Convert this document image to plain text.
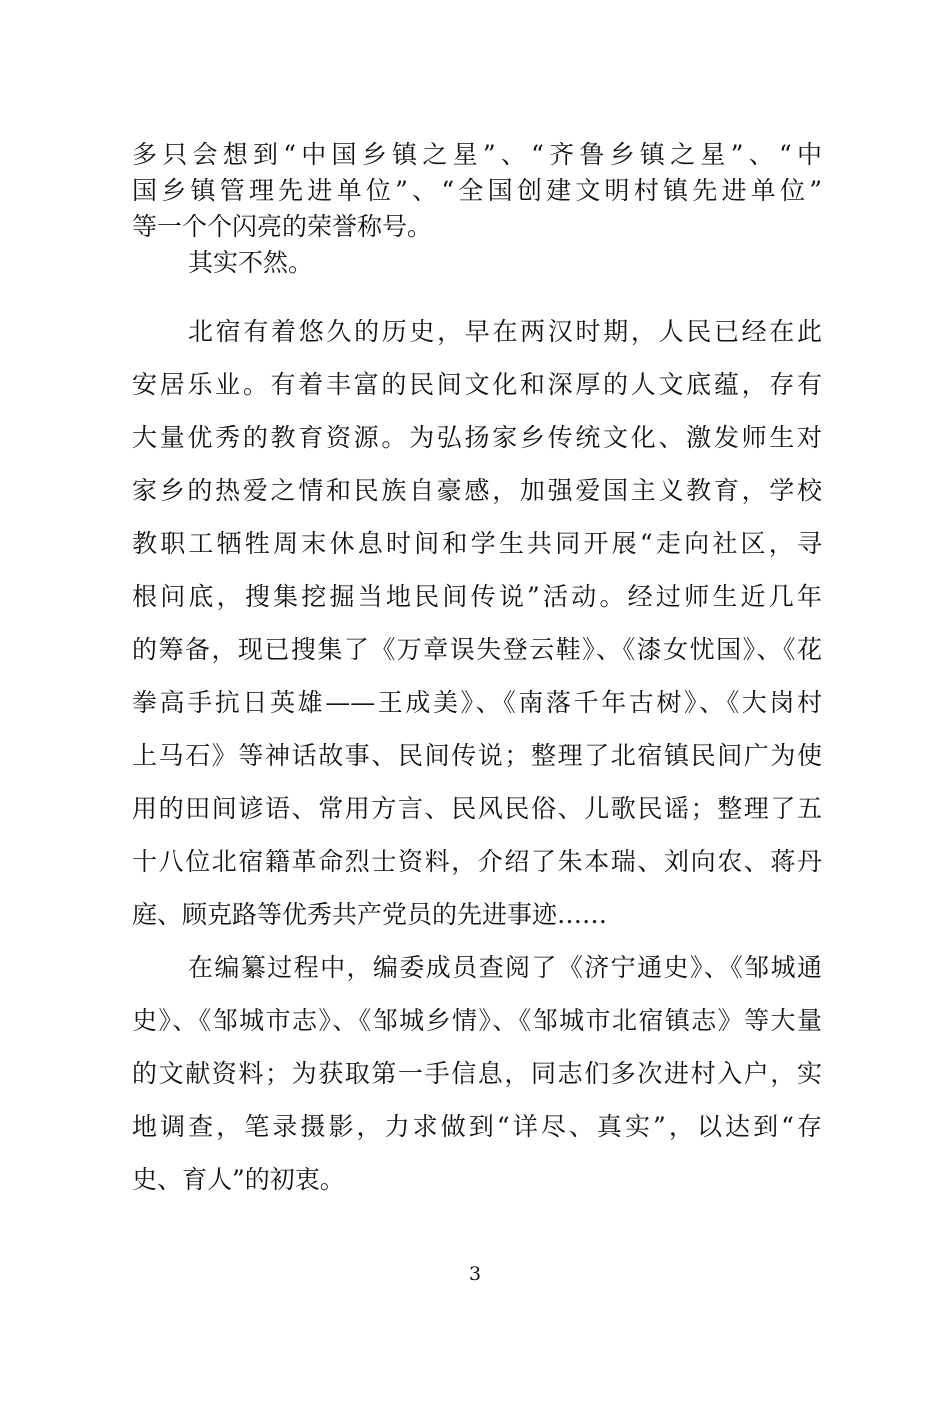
多只会想到“中国乡镇之星”、“齐鲁乡镇之星”、“中
国乡镇管理先进单位”、“全国创建文明村镇先进单位”
等一个个闪亮的荣誉称号。
其实不然。
北宿有着悠久的历史，早在两汉时期，人民已经在此
安居乐业。有着丰富的民间文化和深厚的人文底蕴，存有
大量优秀的教育资源。为弘扬家乡传统文化、激发师生对
家乡的热爱之情和民族自豪感，加强爱国主义教育，学校
教职工牺牲周末休息时间和学生共同开展“走向社区，寻
根问底，搜集挖掘当地民间传说”活动。经过师生近几年
的筹备，现已搜集了《万章误失登云鞋》、《漆女忧国》、《花
拳高手抗日英雄——王成美》、《南落千年古树》、《大岗村
上马石》等神话故事、民间传说；整理了北宿镇民间广为使
用的田间谚语、常用方言、民风民俗、儿歌民谣；整理了五
十八位北宿籍革命烈士资料，介绍了朱本瑞、刘向农、蒋丹
庭、顾克路等优秀共产党员的先进事迹……
在编纂过程中，编委成员查阅了《济宁通史》、《邹城通
史》、《邹城市志》、《邹城乡情》、《邹城市北宿镇志》等大量
的文献资料；为获取第一手信息，同志们多次进村入户，实
地调查，笔录摄影，力求做到“详尽、真实”，以达到“存
史、育人”的初衷。
3
